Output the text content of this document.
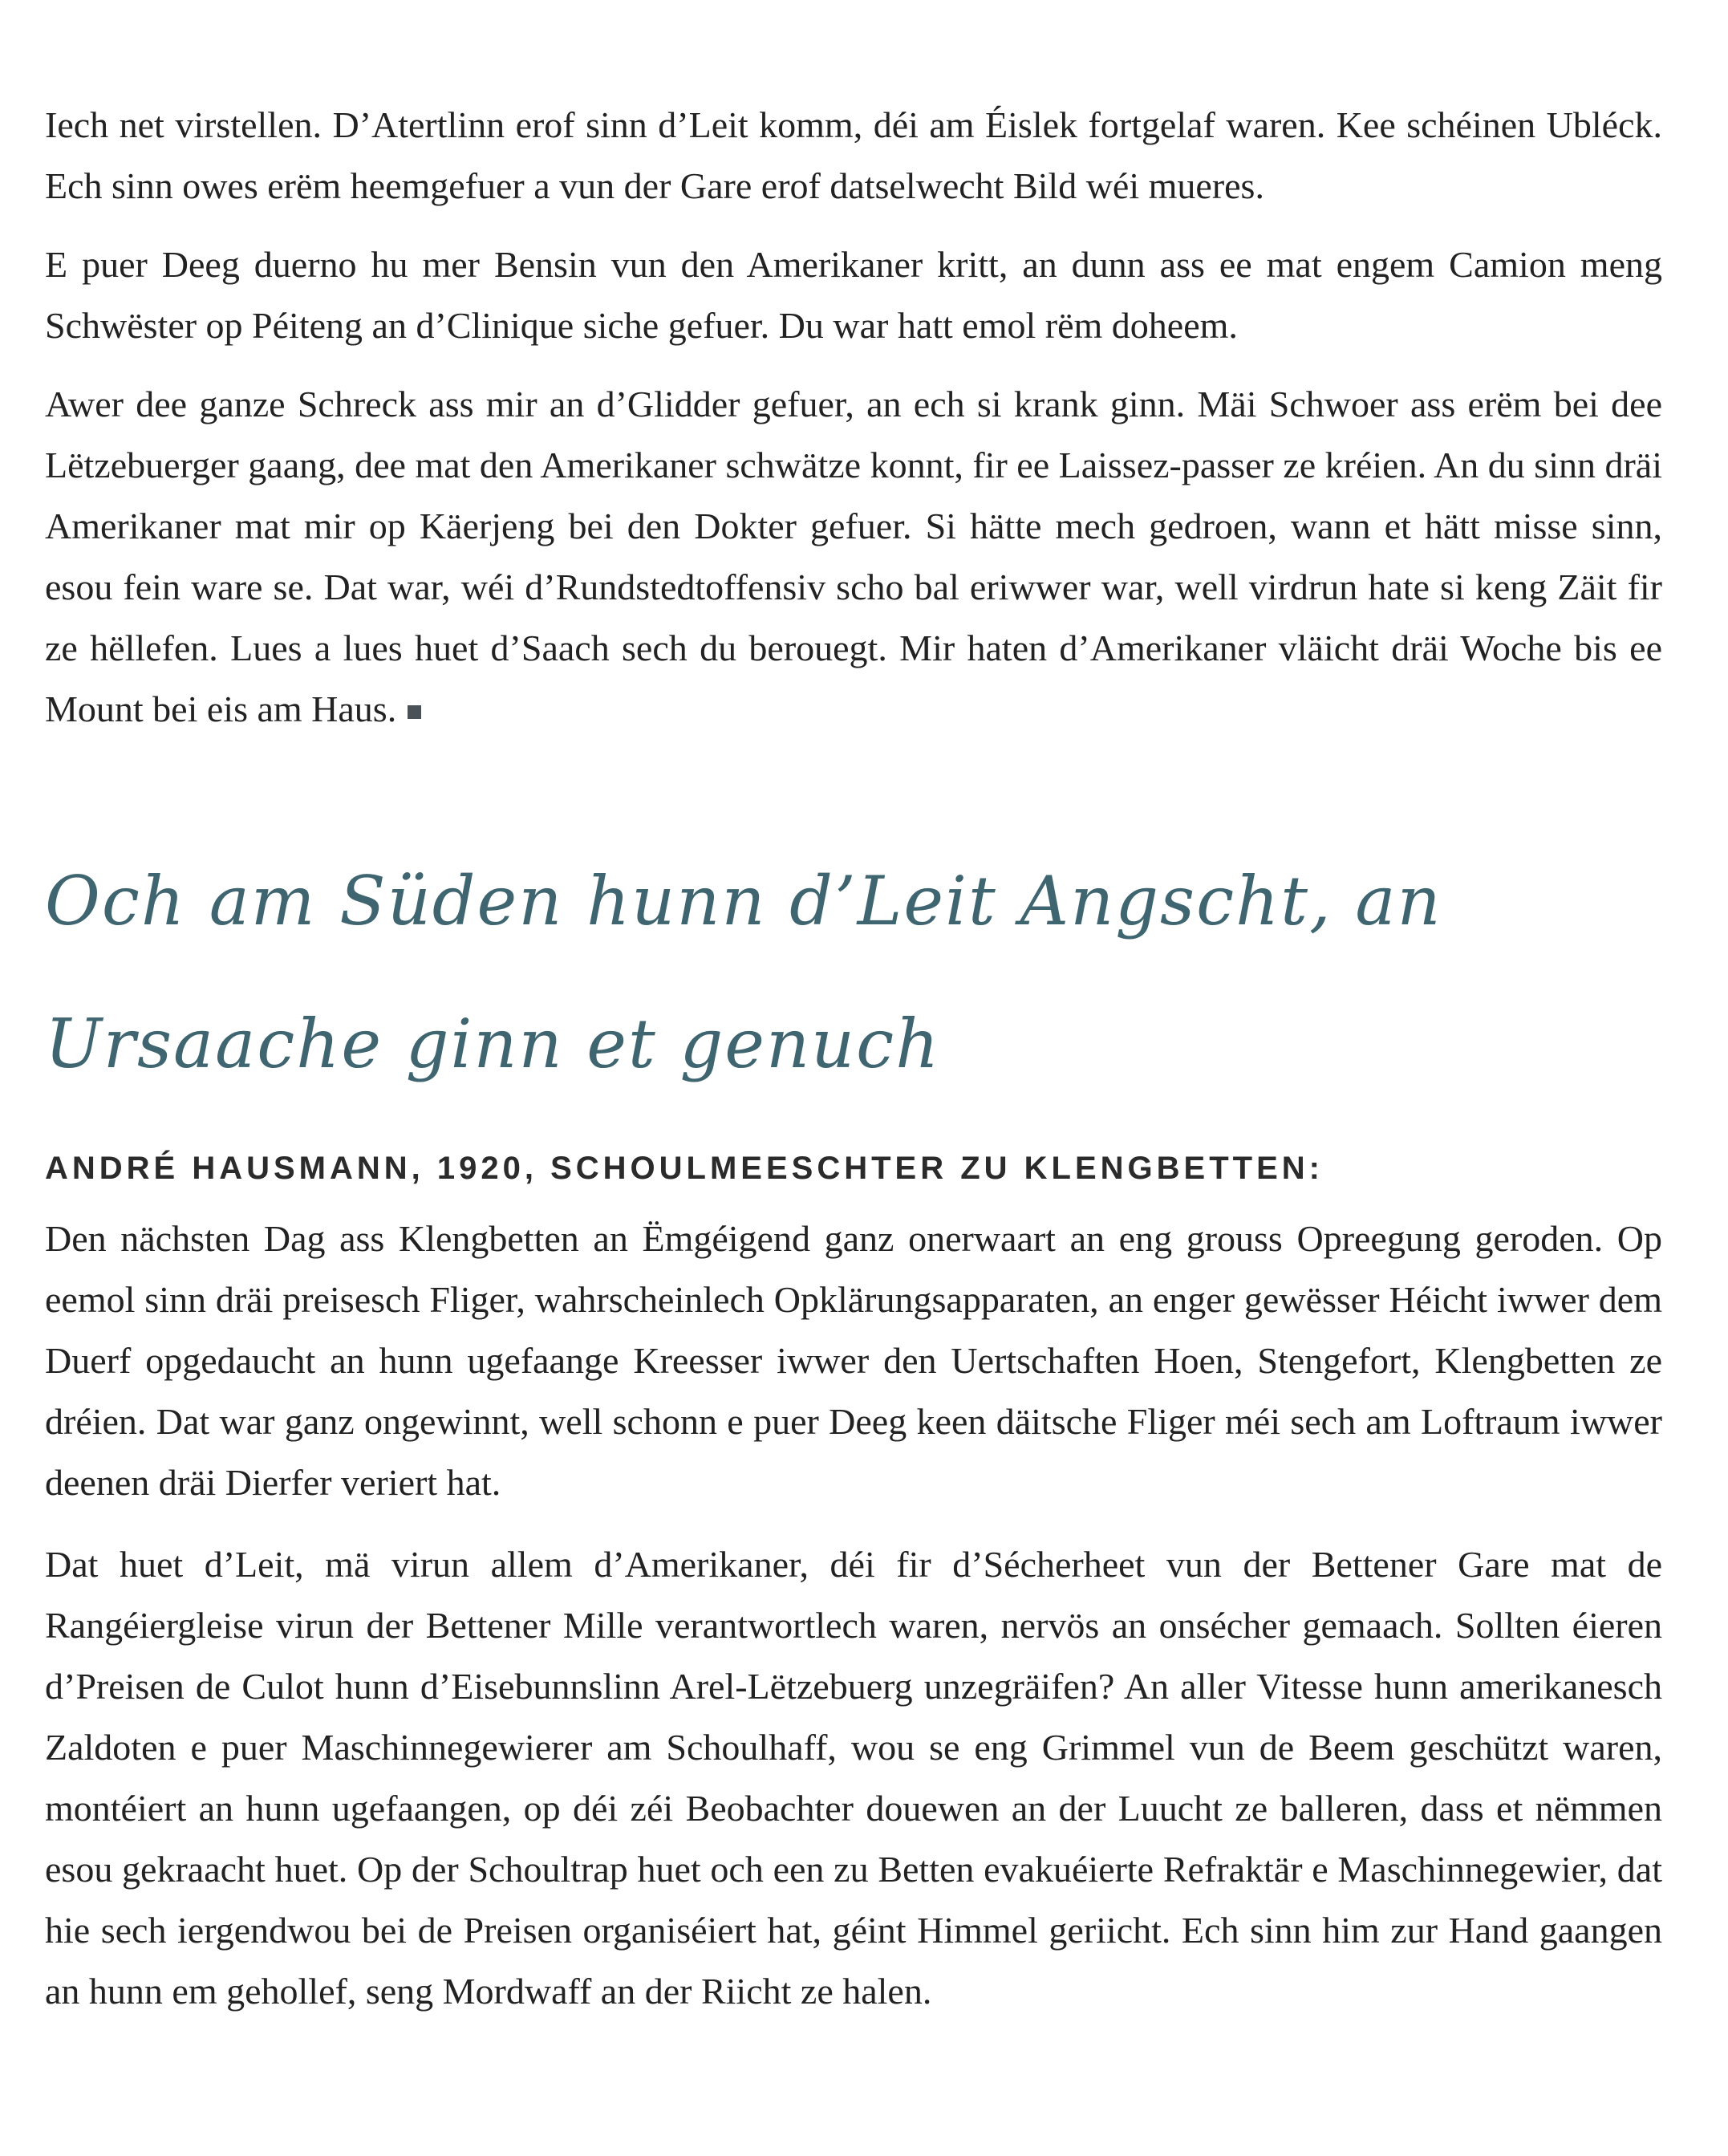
Iech net virstellen. D’Atertlinn erof sinn d’Leit komm, déi am Éislek fortgelaf waren. Kee schéinen Ubléck. Ech sinn owes erëm heemgefuer a vun der Gare erof datselwecht Bild wéi mueres.

E puer Deeg duerno hu mer Bensin vun den Amerikaner kritt, an dunn ass ee mat engem Camion meng Schwëster op Péiteng an d’Clinique siche gefuer. Du war hatt emol rëm doheem.

Awer dee ganze Schreck ass mir an d’Glidder gefuer, an ech si krank ginn. Mäi Schwoer ass erëm bei dee Lëtzebuerger gaang, dee mat den Amerikaner schwätze konnt, fir ee Laissez-passer ze kréien. An du sinn dräi Amerikaner mat mir op Käerjeng bei den Dokter gefuer. Si hätte mech gedroen, wann et hätt misse sinn, esou fein ware se. Dat war, wéi d’Rundstedtoffensiv scho bal eriwwer war, well virdrun hate si keng Zäit fir ze hëllefen. Lues a lues huet d’Saach sech du berouegt. Mir haten d’Amerikaner vläicht dräi Woche bis ee Mount bei eis am Haus.

Och am Süden hunn d’Leit Angscht, an Ursaache ginn et genuch
ANDRÉ HAUSMANN, 1920, SCHOULMEESCHTER ZU KLENGBETTEN:

Den nächsten Dag ass Klengbetten an Ëmgéigend ganz onerwaart an eng grouss Opreegung geroden. Op eemol sinn dräi preisesch Fliger, wahrscheinlech Opklärungsapparaten, an enger gewësser Héicht iwwer dem Duerf opgedaucht an hunn ugefaange Kreesser iwwer den Uertschaften Hoen, Stengefort, Klengbetten ze dréien. Dat war ganz ongewinnt, well schonn e puer Deeg keen däitsche Fliger méi sech am Loftraum iwwer deenen dräi Dierfer veriert hat.

Dat huet d’Leit, mä virun allem d’Amerikaner, déi fir d’Sécherheet vun der Bettener Gare mat de Rangéiergleise virun der Bettener Mille verantwortlech waren, nervös an onsécher gemaach. Sollten éieren d’Preisen de Culot hunn d’Eisebunnslinn Arel-Lëtzebuerg unzegräifen? An aller Vitesse hunn amerikanesch Zaldoten e puer Maschinnegewierer am Schoulhaff, wou se eng Grimmel vun de Beem geschützt waren, montéiert an hunn ugefaangen, op déi zéi Beobachter douewen an der Luucht ze balleren, dass et nëmmen esou gekraacht huet. Op der Schoultrap huet och een zu Betten evakuéierte Refraktär e Maschinnegewier, dat hie sech iergendwou bei de Preisen organiséiert hat, géint Himmel geriicht. Ech sinn him zur Hand gaangen an hunn em gehollef, seng Mordwaff an der Riicht ze halen.
